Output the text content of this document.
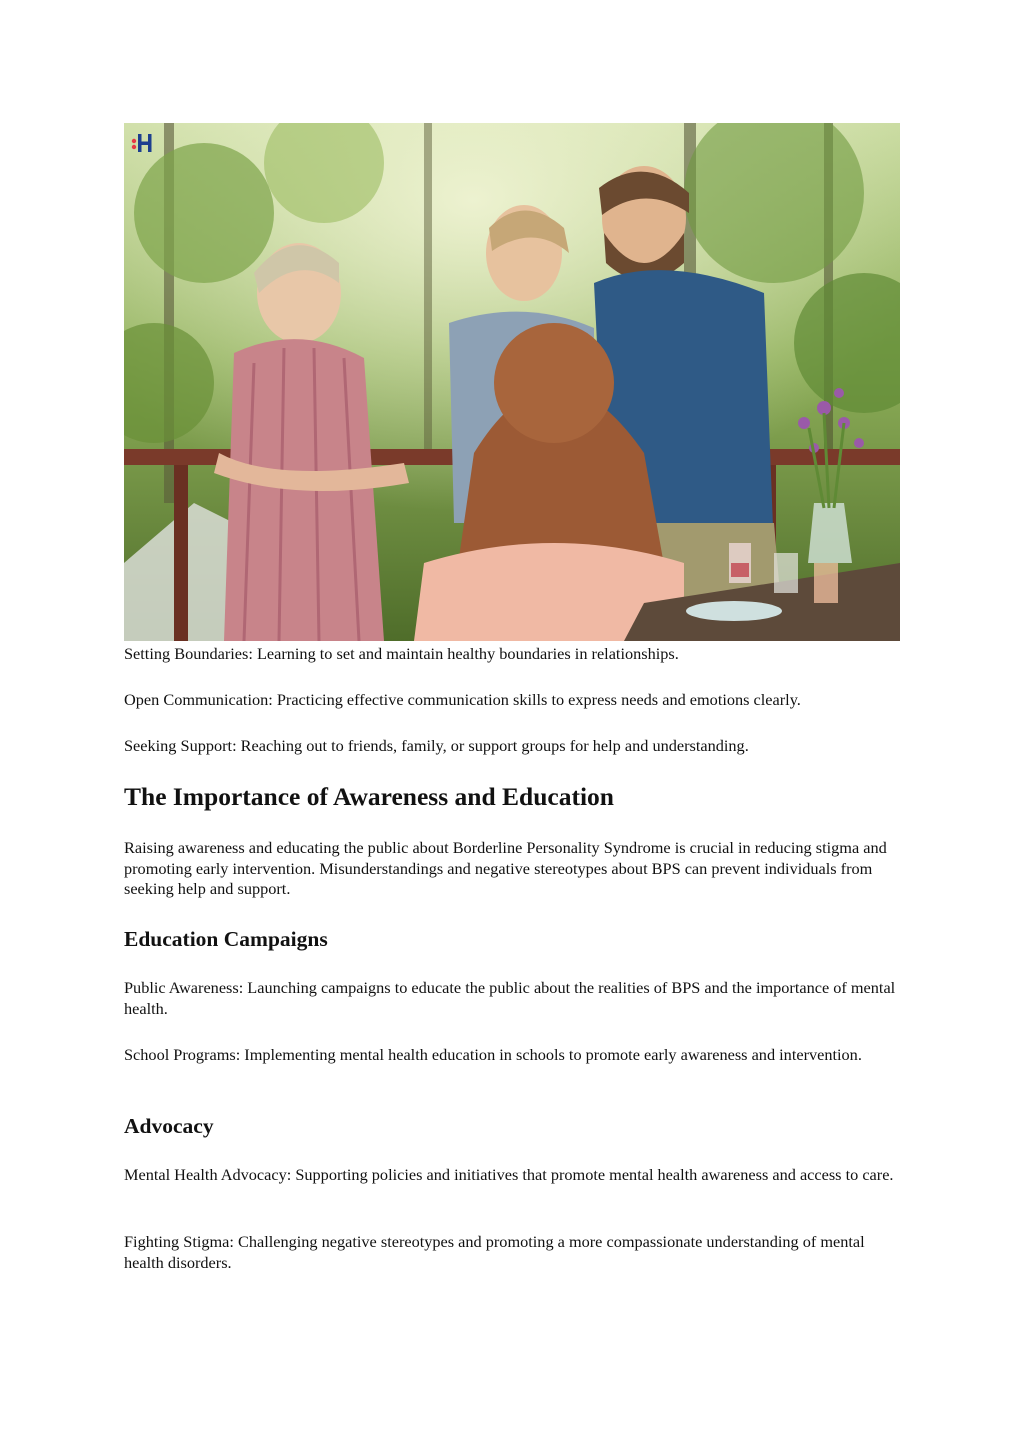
Setting Boundaries: Learning to set and maintain healthy boundaries in relationships.

Open Communication: Practicing effective communication skills to express needs and emotions clearly.

Seeking Support: Reaching out to friends, family, or support groups for help and understanding.

The Importance of Awareness and Education

Raising awareness and educating the public about Borderline Personality Syndrome is crucial in reducing stigma and promoting early intervention. Misunderstandings and negative stereotypes about BPS can prevent individuals from seeking help and support.

Education Campaigns

Public Awareness: Launching campaigns to educate the public about the realities of BPS and the importance of mental health.

School Programs: Implementing mental health education in schools to promote early awareness and intervention.

Advocacy

Mental Health Advocacy: Supporting policies and initiatives that promote mental health awareness and access to care.

Fighting Stigma: Challenging negative stereotypes and promoting a more compassionate understanding of mental health disorders.
